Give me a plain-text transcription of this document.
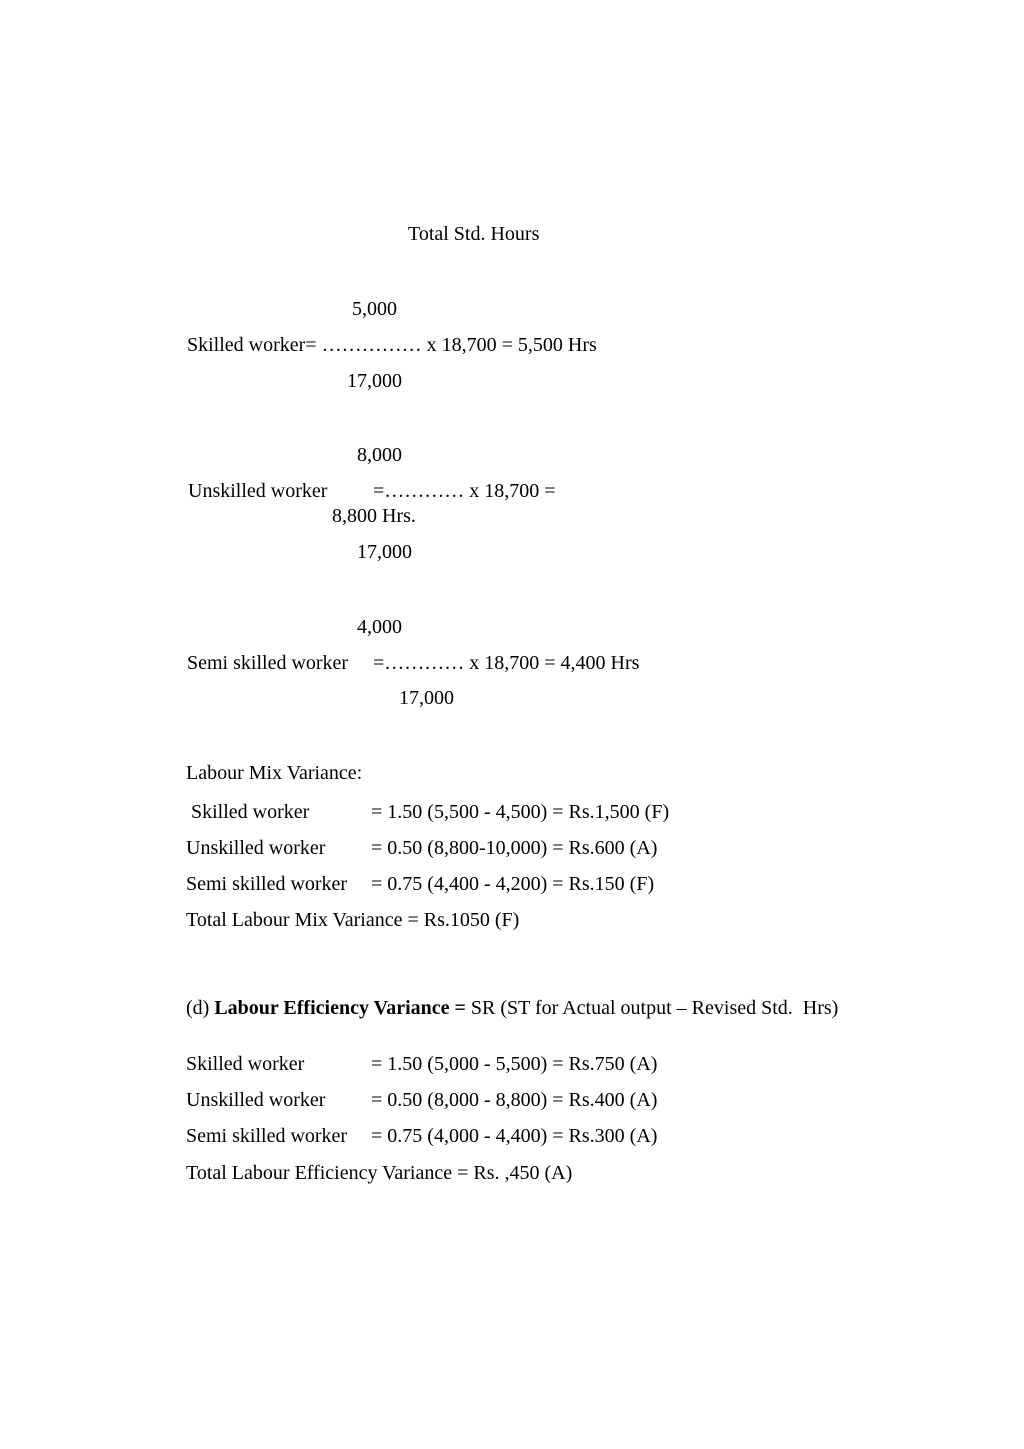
Total Std. Hours
5,000
Skilled worker= …………… x 18,700 = 5,500 Hrs
17,000
8,000
Unskilled worker =………… x 18,700 =
8,800 Hrs.
17,000
4,000
Semi skilled worker =………… x 18,700 = 4,400 Hrs
17,000
Labour Mix Variance:
Skilled worker	= 1.50 (5,500 - 4,500) = Rs.1,500 (F)
Unskilled worker = 0.50 (8,800-10,000) = Rs.600 (A)
Semi skilled worker = 0.75 (4,400 - 4,200) = Rs.150 (F)
Total Labour Mix Variance = Rs.1050 (F)
(d) Labour Efficiency Variance = SR (ST for Actual output – Revised Std.  Hrs)
Skilled worker	= 1.50 (5,000 - 5,500) = Rs.750 (A)
Unskilled worker = 0.50 (8,000 - 8,800) = Rs.400 (A)
Semi skilled worker = 0.75 (4,000 - 4,400) = Rs.300 (A)
Total Labour Efficiency Variance = Rs. ,450 (A)
